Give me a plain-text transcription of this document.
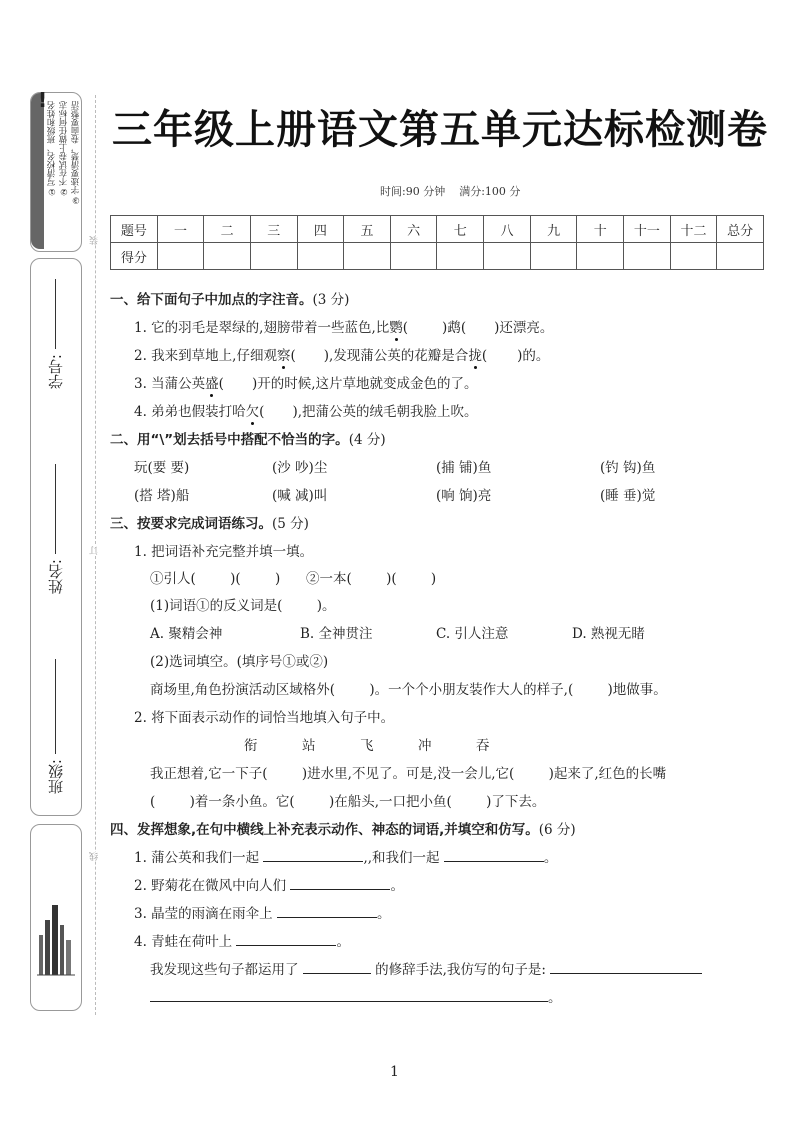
装
订
线
注意事项
①写清校名、班级和姓名 ②不在试卷上做任何标志 ③字迹要清楚，卷面要整洁
!
学号:
姓名:
班级:
三年级上册语文第五单元达标检测卷
时间:90 分钟 满分:100 分
题号	一	二	三	四	五	六	七	八	九	十	十一	十二	总分
得分													
一、给下面句子中加点的字注音。(3 分)
1. 它的羽毛是翠绿的,翅膀带着一些蓝色,比鹦(	)鹉( )还漂亮。
2. 我来到草地上,仔细观察( ),发现蒲公英的花瓣是合拢( )的。
3. 当蒲公英盛( )开的时候,这片草地就变成金色的了。
4. 弟弟也假装打哈欠( ),把蒲公英的绒毛朝我脸上吹。
二、用“\”划去括号中搭配不恰当的字。(4 分)
玩(要 要)	(沙 吵)尘	(捕 铺)鱼	(钓 钩)鱼
(搭 塔)船	(喊 减)叫	(响 饷)亮	(睡 垂)觉
三、按要求完成词语练习。(5 分)
1. 把词语补充完整并填一填。
①引人(        )(        )      ②一本(        )(        )
(1)词语①的反义词是(        )。
A. 聚精会神	B. 全神贯注	C. 引人注意	D. 熟视无睹
(2)选词填空。(填序号①或②)
商场里,角色扮演活动区域格外(        )。一个个小朋友装作大人的样子,(        )地做事。
2. 将下面表示动作的词恰当地填入句子中。
衔	站	飞	冲	吞
我正想着,它一下子(        )进水里,不见了。可是,没一会儿,它(        )起来了,红色的长嘴
(        )着一条小鱼。它(        )在船头,一口把小鱼(        )了下去。
四、发挥想象,在句中横线上补充表示动作、神态的词语,并填空和仿写。(6 分)
1. 蒲公英和我们一起	,,和我们一起	。
2. 野菊花在微风中向人们	。
3. 晶莹的雨滴在雨伞上	。
4. 青蛙在荷叶上	。
我发现这些句子都运用了	的修辞手法,我仿写的句子是:
。
1
